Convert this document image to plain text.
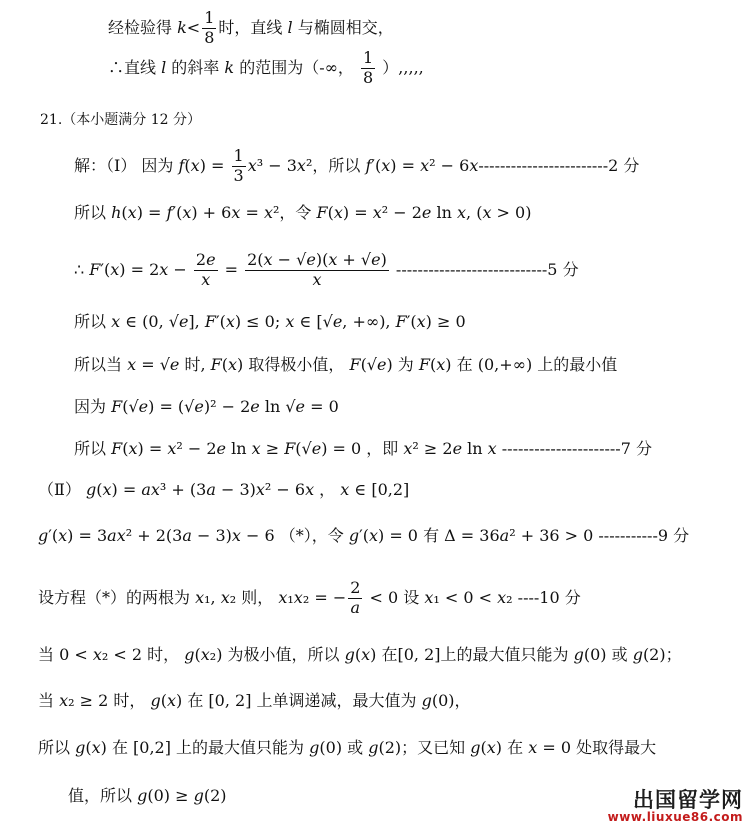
经检验得 $k< \frac{1}{8}$ 时，直线 l 与椭圆相交，
∴直线 l 的斜率 k 的范围为（-∞， $\frac{1}{8}$ ）,,,,,
21.（本小题满分 12 分）
解：（Ⅰ） 因为 $f(x) = \frac{1}{3} x^3 - 3x^2$，所以 f′(x) = x² − 6x------------------------2 分
所以 h(x) = f′(x) + 6x = x²，令 F(x) = x² − 2e ln x, (x > 0)
∴ $F'(x) = 2x - \frac{2e}{x} = \frac{2(x - √e)(x + √e)}{x} ----------------------------5$ 分
所以 x ∈ (0, √e], F′(x) ≤ 0; x ∈ [√e, +∞), F′(x) ≥ 0
所以当 x = √e 时, F(x) 取得极小值， F(√e) 为 F(x) 在 (0,+∞) 上的最小值
因为 F(√e) = (√e)² − 2e ln √e = 0
所以 F(x) = x² − 2e ln x ≥ F(√e) = 0 ，即 x² ≥ 2e ln x ----------------------7 分
（Ⅱ） g(x) = ax³ + (3a − 3)x² − 6x ， x ∈ [0,2]
g′(x) = 3ax² + 2(3a − 3)x − 6 （*），令 g′(x) = 0 有 Δ = 36a² + 36 > 0 -----------9 分
设方程（*）的两根为 x₁, x₂ 则， x₁x₂ = − $\frac{2}{a} < 0$ 设 x₁ < 0 < x₂ ----10 分
当 0 < x₂ < 2 时， g(x₂) 为极小值，所以 g(x) 在[0, 2]上的最大值只能为 g(0) 或 g(2)；
当 x₂ ≥ 2 时， g(x) 在 [0, 2] 上单调递减，最大值为 g(0)，
所以 g(x) 在 [0,2] 上的最大值只能为 g(0) 或 g(2)；又已知 g(x) 在 x = 0 处取得最大
值，所以 g(0) ≥ g(2)	出国留学网
www.liuxue86.com
